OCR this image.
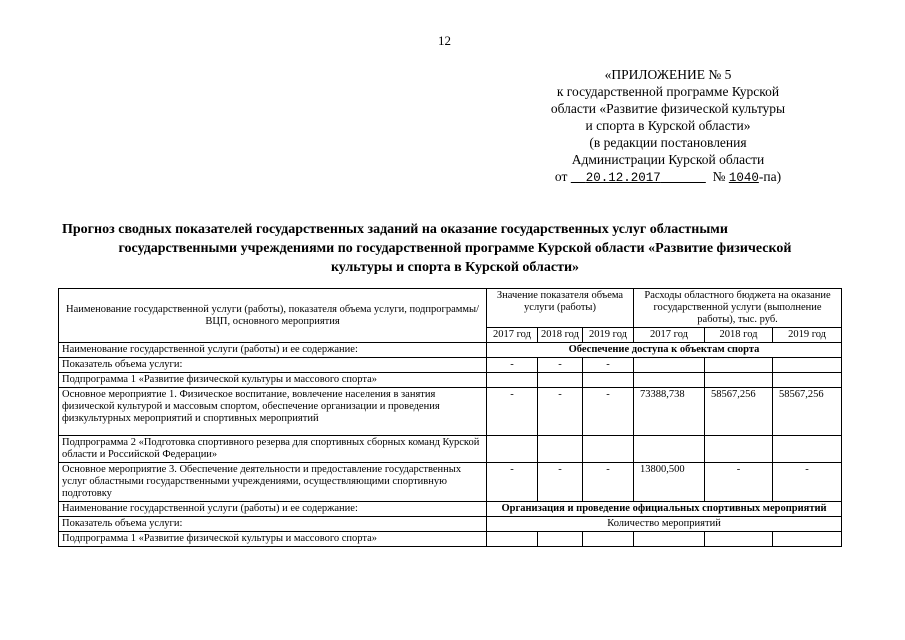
12
«ПРИЛОЖЕНИЕ № 5
к государственной программе Курской
области «Развитие физической культуры
и спорта в Курской области»
(в редакции постановления
Администрации Курской области
от 20.12.2017	№ 1040-па)
Прогноз сводных показателей государственных заданий на оказание государственных услуг областными
государственными учреждениями по государственной программе Курской области «Развитие физической
культуры и спорта в Курской области»
Наименование государственной услуги (работы), показателя объема услуги, подпрограммы/ВЦП, основного мероприятия	Значение показателя объема услуги (работы)			Расходы областного бюджета на оказание государственной услуги (выполнение работы), тыс. руб.		
	2017 год	2018 год	2019 год	2017 год	2018 год	2019 год
Наименование государственной услуги (работы) и ее содержание:	Обеспечение доступа к объектам спорта					
Показатель объема услуги:	-	-	-			
Подпрограмма 1 «Развитие физической культуры и массового спорта»						
Основное мероприятие 1. Физическое воспитание, вовлечение населения в занятия физической культурой и массовым спортом, обеспечение организации и проведения физкультурных мероприятий и спортивных мероприятий	-	-	-	73388,738	58567,256	58567,256
Подпрограмма 2 «Подготовка спортивного резерва для спортивных сборных команд Курской области и Российской Федерации»						
Основное мероприятие 3. Обеспечение деятельности и предоставление государственных услуг областными государственными учреждениями, осуществляющими спортивную подготовку	-	-	-	13800,500	-	-
Наименование государственной услуги (работы) и ее содержание:	Организация и проведение официальных спортивных мероприятий					
Показатель объема услуги:	Количество мероприятий					
Подпрограмма 1 «Развитие физической культуры и массового спорта»						
